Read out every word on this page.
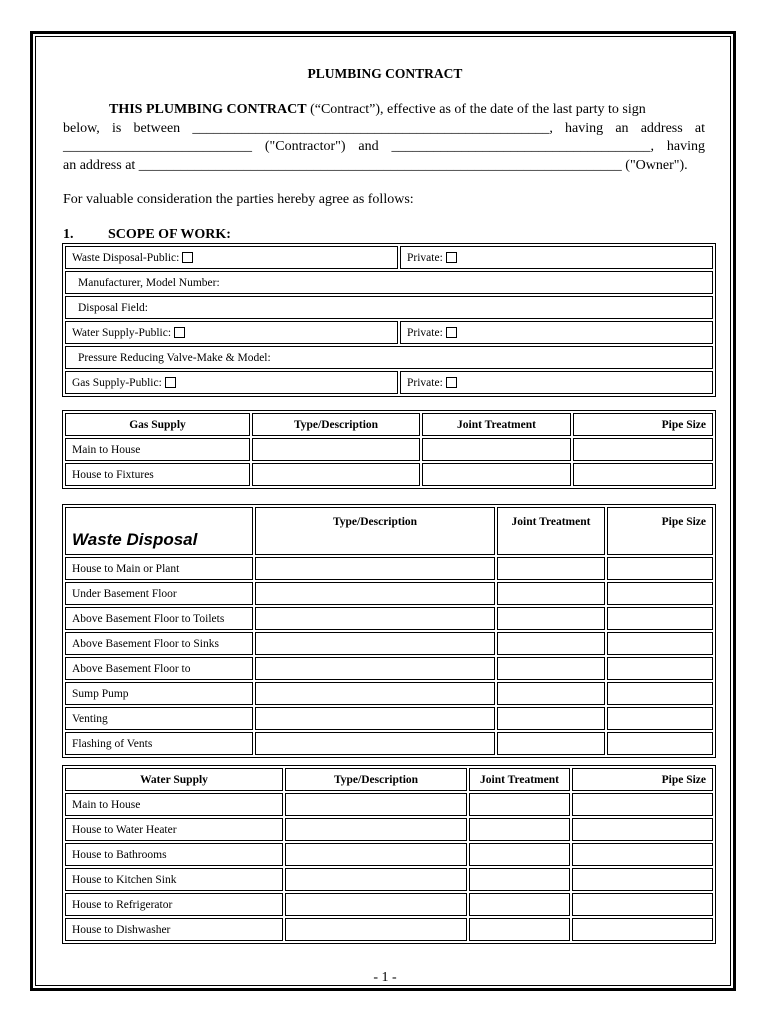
PLUMBING CONTRACT
THIS PLUMBING CONTRACT (“Contract”), effective as of the date of the last party to sign
below, is between ___________________________________________________, having an address at
___________________________ ("Contractor") and _____________________________________, having
an address at _____________________________________________________________________ ("Owner").
For valuable consideration the parties hereby agree as follows:
1. SCOPE OF WORK:
Waste Disposal-Public:	Private:
Manufacturer, Model Number:	
Disposal Field:	
Water Supply-Public:	Private:
Pressure Reducing Valve-Make & Model:	
Gas Supply-Public:	Private:
Gas Supply	Type/Description	Joint Treatment	Pipe Size
Main to House			
House to Fixtures			
Waste Disposal	Type/Description	Joint Treatment	Pipe Size
House to Main or Plant			
Under Basement Floor			
Above Basement Floor to Toilets			
Above Basement Floor to Sinks			
Above Basement Floor to			
Sump Pump			
Venting			
Flashing of Vents			
Water Supply	Type/Description	Joint Treatment	Pipe Size
Main to House			
House to Water Heater			
House to Bathrooms			
House to Kitchen Sink			
House to Refrigerator			
House to Dishwasher			
- 1 -
